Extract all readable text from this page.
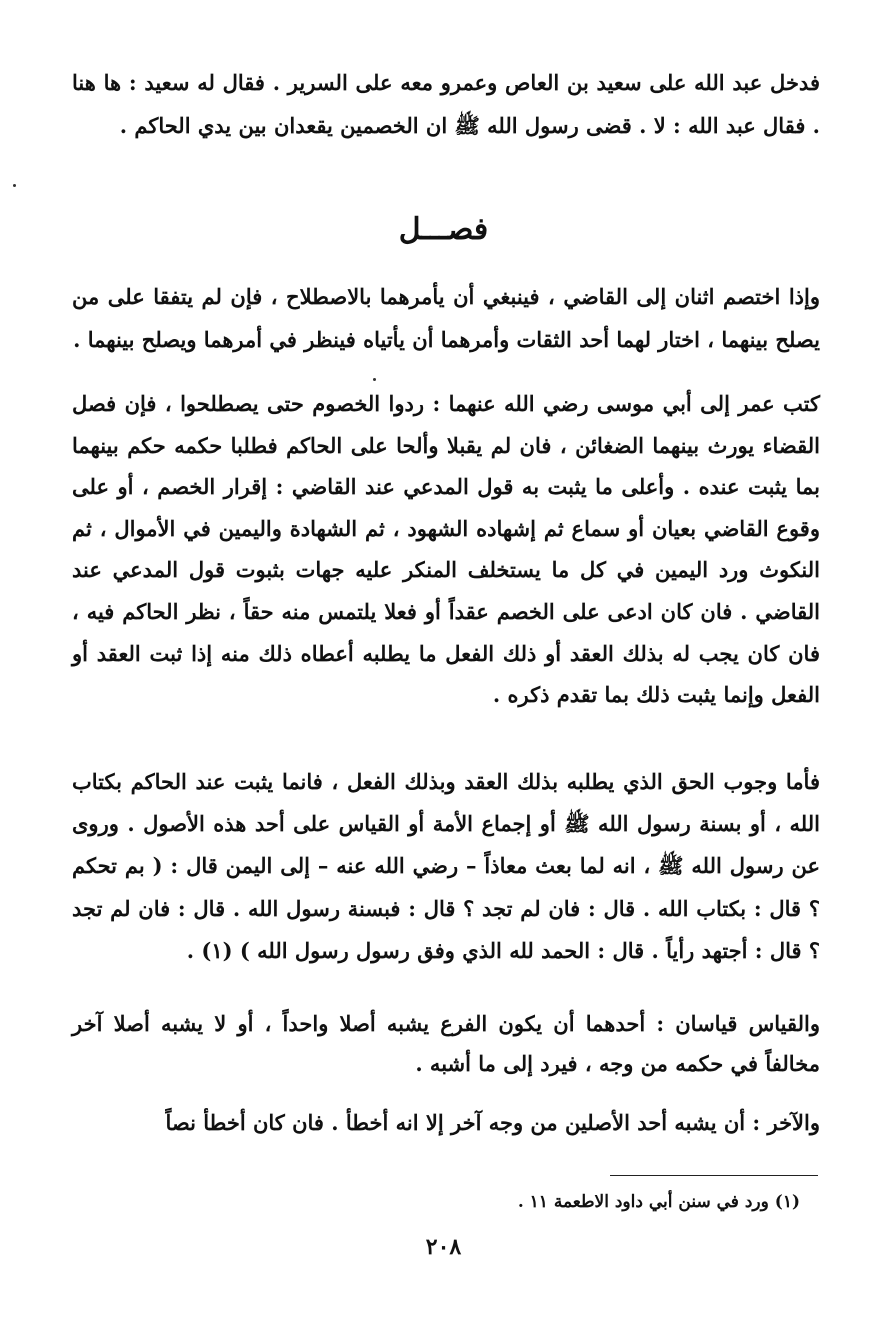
فدخل عبد الله على سعيد بن العاص وعمرو معه على السرير . فقال له سعيد : ها هنا . فقال عبد الله : لا . قضى رسول الله ﷺ ان الخصمين يقعدان بين يدي الحاكم .

فصـــل

وإذا اختصم اثنان إلى القاضي ، فينبغي أن يأمرهما بالاصطلاح ، فإن لم يتفقا على من يصلح بينهما ، اختار لهما أحد الثقات وأمرهما أن يأتياه فينظر في أمرهما ويصلح بينهما .

كتب عمر إلى أبي موسى رضي الله عنهما : ردوا الخصوم حتى يصطلحوا ، فإن فصل القضاء يورث بينهما الضغائن ، فان لم يقبلا وألحا على الحاكم فطلبا حكمه حكم بينهما بما يثبت عنده . وأعلى ما يثبت به قول المدعي عند القاضي : إقرار الخصم ، أو على وقوع القاضي بعيان أو سماع ثم إشهاده الشهود ، ثم الشهادة واليمين في الأموال ، ثم النكوث ورد اليمين في كل ما يستخلف المنكر عليه جهات بثبوت قول المدعي عند القاضي . فان كان ادعى على الخصم عقداً أو فعلا يلتمس منه حقاً ، نظر الحاكم فيه ، فان كان يجب له بذلك العقد أو ذلك الفعل ما يطلبه أعطاه ذلك منه إذا ثبت العقد أو الفعل وإنما يثبت ذلك بما تقدم ذكره .

فأما وجوب الحق الذي يطلبه بذلك العقد وبذلك الفعل ، فانما يثبت عند الحاكم بكتاب الله ، أو بسنة رسول الله ﷺ أو إجماع الأمة أو القياس على أحد هذه الأصول . وروى عن رسول الله ﷺ ، انه لما بعث معاذاً – رضي الله عنه – إلى اليمن قال : ( بم تحكم ؟ قال : بكتاب الله . قال : فان لم تجد ؟ قال : فبسنة رسول الله . قال : فان لم تجد ؟ قال : أجتهد رأياً . قال : الحمد لله الذي وفق رسول رسول الله ) (١) .

والقياس قياسان : أحدهما أن يكون الفرع يشبه أصلا واحداً ، أو لا يشبه أصلا آخر مخالفاً في حكمه من وجه ، فيرد إلى ما أشبه .

والآخر : أن يشبه أحد الأصلين من وجه آخر إلا انه أخطأ . فان كان أخطأ نصاً

(١) ورد في سنن أبي داود الاطعمة ١١ .
٢٠٨
